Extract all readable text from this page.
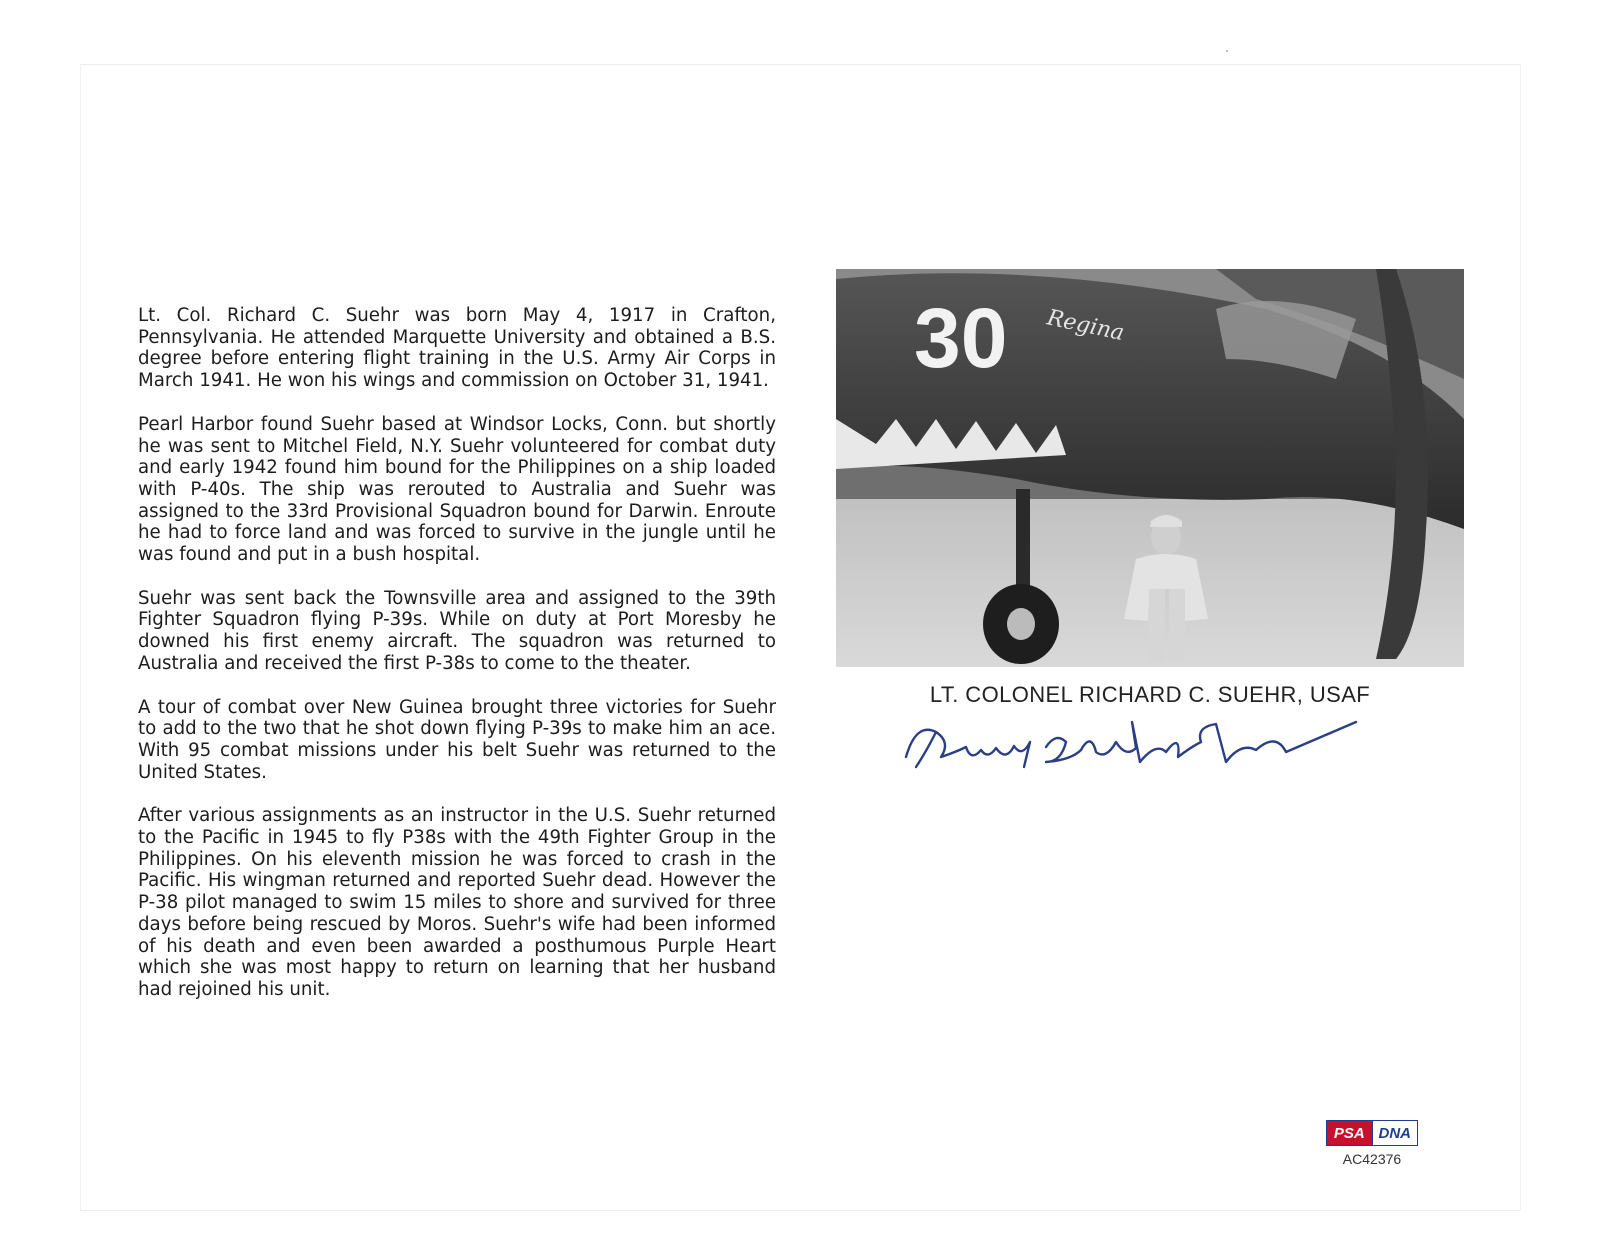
Lt. Col. Richard C. Suehr was born May 4, 1917 in Crafton, Pennsylvania. He attended Marquette University and obtained a B.S. degree before entering flight training in the U.S. Army Air Corps in March 1941. He won his wings and commission on October 31, 1941.

Pearl Harbor found Suehr based at Windsor Locks, Conn. but shortly he was sent to Mitchel Field, N.Y. Suehr volunteered for combat duty and early 1942 found him bound for the Philippines on a ship loaded with P-40s. The ship was rerouted to Australia and Suehr was assigned to the 33rd Provisional Squadron bound for Darwin. Enroute he had to force land and was forced to survive in the jungle until he was found and put in a bush hospital.

Suehr was sent back the Townsville area and assigned to the 39th Fighter Squadron flying P-39s. While on duty at Port Moresby he downed his first enemy aircraft. The squadron was returned to Australia and received the first P-38s to come to the theater.

A tour of combat over New Guinea brought three victories for Suehr to add to the two that he shot down flying P-39s to make him an ace. With 95 combat missions under his belt Suehr was returned to the United States.

After various assignments as an instructor in the U.S. Suehr returned to the Pacific in 1945 to fly P38s with the 49th Fighter Group in the Philippines. On his eleventh mission he was forced to crash in the Pacific. His wingman returned and reported Suehr dead. However the P-38 pilot managed to swim 15 miles to shore and survived for three days before being rescued by Moros. Suehr's wife had been informed of his death and even been awarded a posthumous Purple Heart which she was most happy to return on learning that her husband had rejoined his unit.

30 Regina
LT. COLONEL RICHARD C. SUEHR, USAF
PSA DNA
AC42376
